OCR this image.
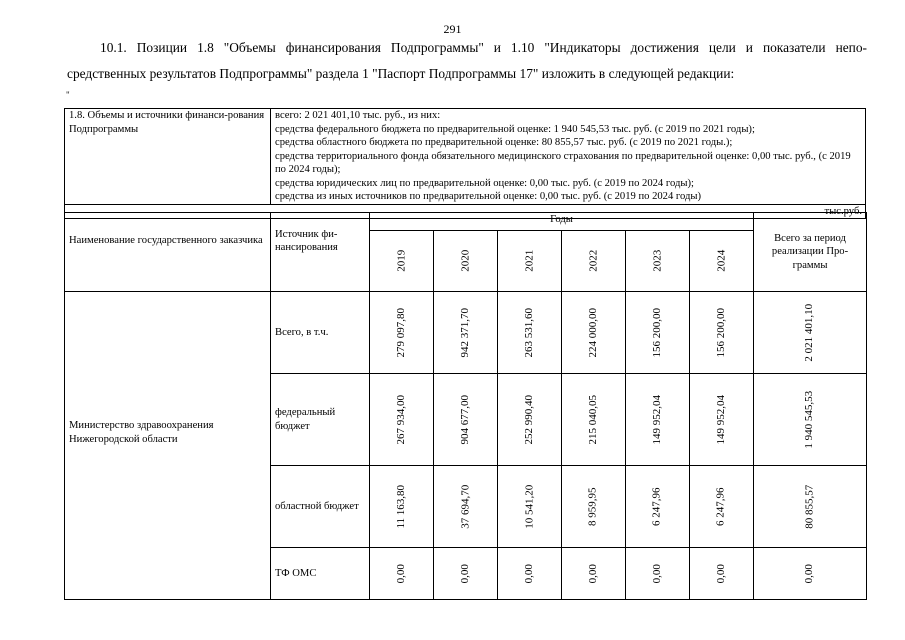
291
10.1. Позиции 1.8 "Объемы финансирования Подпрограммы" и 1.10 "Индикаторы достижения цели и показатели непо-
средственных результатов Подпрограммы" раздела 1 "Паспорт Подпрограммы 17" изложить в следующей редакции:
"
1.8. Объемы и источники финанси-рования Подпрограммы	
всего: 2 021 401,10 тыс. руб., из них:
средства федерального бюджета по предварительной оценке: 1 940 545,53 тыс. руб. (с 2019 по 2021 годы);
средства областного бюджета по предварительной оценке: 80 855,57 тыс. руб. (с 2019 по 2021 годы.);
средства территориального фонда обязательного медицинского страхования по предварительной оценке: 0,00 тыс. руб., (с 2019 по 2024 годы);
средства юридических лиц по предварительной оценке: 0,00 тыс. руб. (с 2019 по 2024 годы);
средства из иных источников по предварительной оценке: 0,00 тыс. руб. (с 2019 по 2024 годы)

тыс.руб.
Наименование государственного заказчика	Источник фи-нансирования	Годы						Всего за период реализации Про-граммы
		2019	2020	2021	2022	2023	2024	
Министерство здравоохранения Нижегородской области	Всего, в т.ч.	279 097,80	942 371,70	263 531,60	224 000,00	156 200,00	156 200,00	2 021 401,10
	федеральный бюджет	267 934,00	904 677,00	252 990,40	215 040,05	149 952,04	149 952,04	1 940 545,53
	областной бюджет	11 163,80	37 694,70	10 541,20	8 959,95	6 247,96	6 247,96	80 855,57
	ТФ ОМС	0,00	0,00	0,00	0,00	0,00	0,00	0,00
